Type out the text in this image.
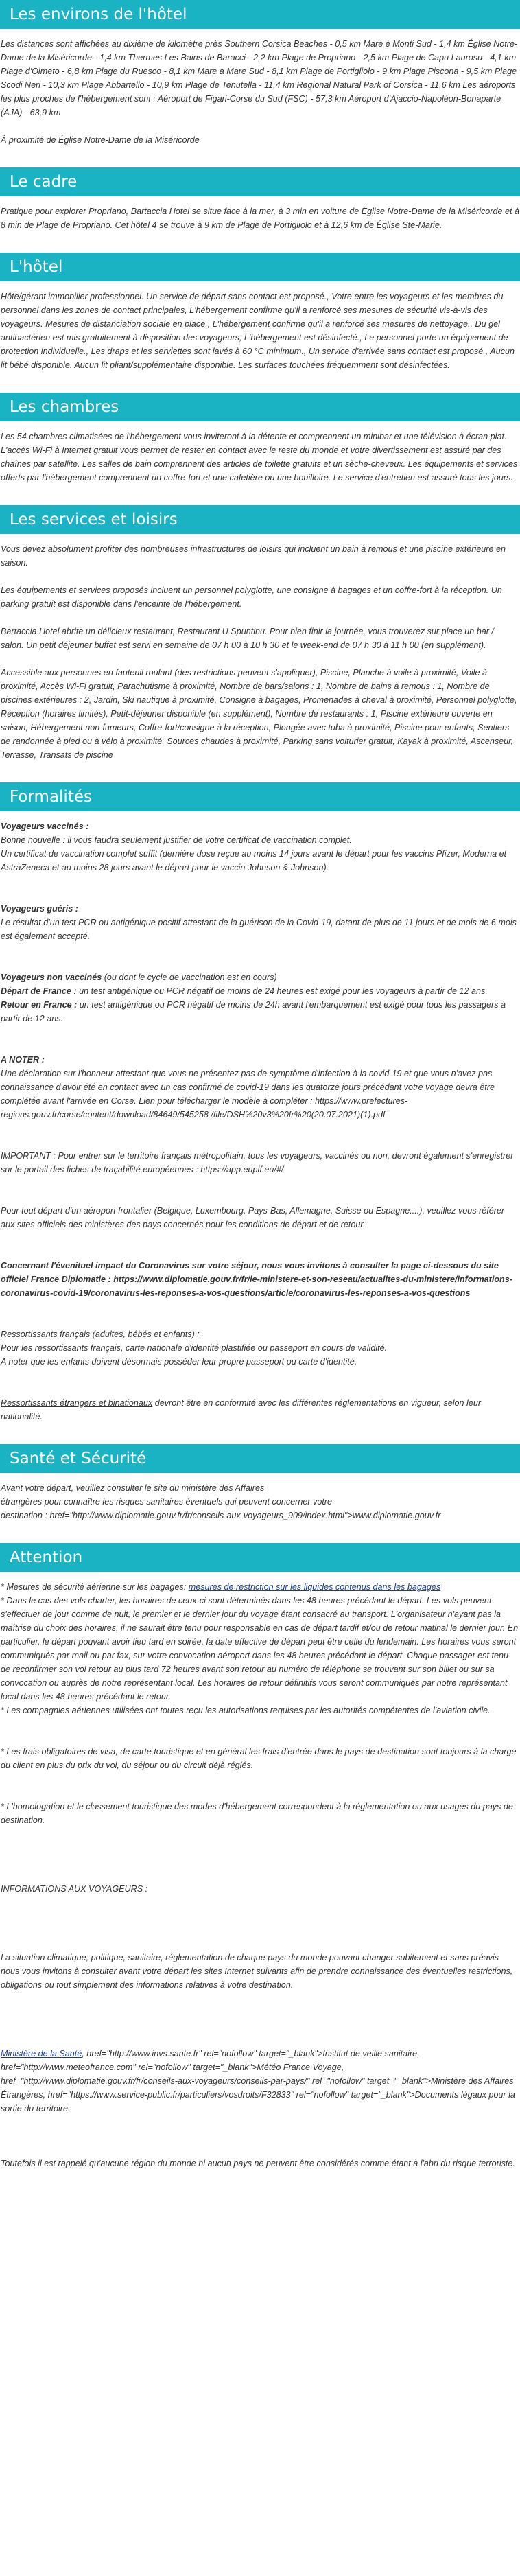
Les environs de l'hôtel

Les distances sont affichées au dixième de kilomètre près Southern Corsica Beaches - 0,5 km Mare è Monti Sud - 1,4 km Église Notre-Dame de la Miséricorde - 1,4 km Thermes Les Bains de Baracci - 2,2 km Plage de Propriano - 2,5 km Plage de Capu Laurosu - 4,1 km Plage d'Olmeto - 6,8 km Plage du Ruesco - 8,1 km Mare a Mare Sud - 8,1 km Plage de Portigliolo - 9 km Plage Piscona - 9,5 km Plage Scodi Neri - 10,3 km Plage Abbartello - 10,9 km Plage de Tenutella - 11,4 km Regional Natural Park of Corsica - 11,6 km Les aéroports les plus proches de l'hébergement sont : Aéroport de Figari-Corse du Sud (FSC) - 57,3 km Aéroport d'Ajaccio-Napoléon-Bonaparte (AJA) - 63,9 km

À proximité de Église Notre-Dame de la Miséricorde

Le cadre

Pratique pour explorer Propriano, Bartaccia Hotel se situe face à la mer, à 3 min en voiture de Église Notre-Dame de la Miséricorde et à 8 min de Plage de Propriano. Cet hôtel 4 se trouve à 9 km de Plage de Portigliolo et à 12,6 km de Église Ste-Marie.

L'hôtel

Hôte/gérant immobilier professionnel. Un service de départ sans contact est proposé., Votre entre les voyageurs et les membres du personnel dans les zones de contact principales, L'hébergement confirme qu'il a renforcé ses mesures de sécurité vis-à-vis des voyageurs. Mesures de distanciation sociale en place., L'hébergement confirme qu'il a renforcé ses mesures de nettoyage., Du gel antibactérien est mis gratuitement à disposition des voyageurs, L'hébergement est désinfecté., Le personnel porte un équipement de protection individuelle., Les draps et les serviettes sont lavés à 60 °C minimum., Un service d'arrivée sans contact est proposé., Aucun lit bébé disponible. Aucun lit pliant/supplémentaire disponible. Les surfaces touchées fréquemment sont désinfectées.

Les chambres

Les 54 chambres climatisées de l'hébergement vous inviteront à la détente et comprennent un minibar et une télévision à écran plat. L'accès Wi-Fi à Internet gratuit vous permet de rester en contact avec le reste du monde et votre divertissement est assuré par des chaînes par satellite. Les salles de bain comprennent des articles de toilette gratuits et un sèche-cheveux. Les équipements et services offerts par l'hébergement comprennent un coffre-fort et une cafetière ou une bouilloire. Le service d'entretien est assuré tous les jours.

Les services et loisirs

Vous devez absolument profiter des nombreuses infrastructures de loisirs qui incluent un bain à remous et une piscine extérieure en saison.

Les équipements et services proposés incluent un personnel polyglotte, une consigne à bagages et un coffre-fort à la réception. Un parking gratuit est disponible dans l'enceinte de l'hébergement.

Bartaccia Hotel abrite un délicieux restaurant, Restaurant U Spuntinu. Pour bien finir la journée, vous trouverez sur place un bar / salon. Un petit déjeuner buffet est servi en semaine de 07 h 00 à 10 h 30 et le week-end de 07 h 30 à 11 h 00 (en supplément).

Accessible aux personnes en fauteuil roulant (des restrictions peuvent s'appliquer), Piscine, Planche à voile à proximité, Voile à proximité, Accès Wi-Fi gratuit, Parachutisme à proximité, Nombre de bars/salons : 1, Nombre de bains à remous : 1, Nombre de piscines extérieures : 2, Jardin, Ski nautique à proximité, Consigne à bagages, Promenades à cheval à proximité, Personnel polyglotte, Réception (horaires limités), Petit-déjeuner disponible (en supplément), Nombre de restaurants : 1, Piscine extérieure ouverte en saison, Hébergement non-fumeurs, Coffre-fort/consigne à la réception, Plongée avec tuba à proximité, Piscine pour enfants, Sentiers de randonnée à pied ou à vélo à proximité, Sources chaudes à proximité, Parking sans voiturier gratuit, Kayak à proximité, Ascenseur, Terrasse, Transats de piscine

Formalités

Voyageurs vaccinés :

Bonne nouvelle : il vous faudra seulement justifier de votre certificat de vaccination complet.

Un certificat de vaccination complet suffit (dernière dose reçue au moins 14 jours avant le départ pour les vaccins Pfizer, Moderna et AstraZeneca et au moins 28 jours avant le départ pour le vaccin Johnson & Johnson).

Voyageurs guéris :

Le résultat d'un test PCR ou antigénique positif attestant de la guérison de la Covid-19, datant de plus de 11 jours et de mois de 6 mois est également accepté.

Voyageurs non vaccinés (ou dont le cycle de vaccination est en cours)

Départ de France : un test antigénique ou PCR négatif de moins de 24 heures est exigé pour les voyageurs à partir de 12 ans.

Retour en France : un test antigénique ou PCR négatif de moins de 24h avant l'embarquement est exigé pour tous les passagers à partir de 12 ans.

A NOTER :

Une déclaration sur l'honneur attestant que vous ne présentez pas de symptôme d'infection à la covid-19 et que vous n'avez pas connaissance d'avoir été en contact avec un cas confirmé de covid-19 dans les quatorze jours précédant votre voyage devra être complétée avant l'arrivée en Corse. Lien pour télécharger le modèle à compléter : https://www.prefectures-regions.gouv.fr/corse/content/download/84649/545258 /file/DSH%20v3%20fr%20(20.07.2021)(1).pdf

IMPORTANT : Pour entrer sur le territoire français métropolitain, tous les voyageurs, vaccinés ou non, devront également s'enregistrer sur le portail des fiches de traçabilité européennes : https://app.euplf.eu/#/

Pour tout départ d'un aéroport frontalier (Belgique, Luxembourg, Pays-Bas, Allemagne, Suisse ou Espagne....), veuillez vous référer aux sites officiels des ministères des pays concernés pour les conditions de départ et de retour.

Concernant l'évenituel impact du Coronavirus sur votre séjour, nous vous invitons à consulter la page ci-dessous du site officiel France Diplomatie : https://www.diplomatie.gouv.fr/fr/le-ministere-et-son-reseau/actualites-du-ministere/informations-coronavirus-covid-19/coronavirus-les-reponses-a-vos-questions/article/coronavirus-les-reponses-a-vos-questions

Ressortissants français (adultes, bébés et enfants) :

Pour les ressortissants français, carte nationale d'identité plastifiée ou passeport en cours de validité.

A noter que les enfants doivent désormais posséder leur propre passeport ou carte d'identité.

Ressortissants étrangers et binationaux devront être en conformité avec les différentes réglementations en vigueur, selon leur nationalité.

Santé et Sécurité

Avant votre départ, veuillez consulter le site du ministère des Affaires

étrangères pour connaître les risques sanitaires éventuels qui peuvent concerner votre

destination : href="http://www.diplomatie.gouv.fr/fr/conseils-aux-voyageurs_909/index.html">www.diplomatie.gouv.fr

Attention

* Mesures de sécurité aérienne sur les bagages: mesures de restriction sur les liquides contenus dans les bagages

* Dans le cas des vols charter, les horaires de ceux-ci sont déterminés dans les 48 heures précédant le départ. Les vols peuvent s'effectuer de jour comme de nuit, le premier et le dernier jour du voyage étant consacré au transport. L'organisateur n'ayant pas la maîtrise du choix des horaires, il ne saurait être tenu pour responsable en cas de départ tardif et/ou de retour matinal le dernier jour. En particulier, le départ pouvant avoir lieu tard en soirée, la date effective de départ peut être celle du lendemain. Les horaires vous seront communiqués par mail ou par fax, sur votre convocation aéroport dans les 48 heures précédant le départ. Chaque passager est tenu de reconfirmer son vol retour au plus tard 72 heures avant son retour au numéro de téléphone se trouvant sur son billet ou sur sa convocation ou auprès de notre représentant local. Les horaires de retour définitifs vous seront communiqués par notre représentant local dans les 48 heures précédant le retour.

* Les compagnies aériennes utilisées ont toutes reçu les autorisations requises par les autorités compétentes de l'aviation civile.

* Les frais obligatoires de visa, de carte touristique et en général les frais d'entrée dans le pays de destination sont toujours à la charge du client en plus du prix du vol, du séjour ou du circuit déjà réglés.

* L'homologation et le classement touristique des modes d'hébergement correspondent à la réglementation ou aux usages du pays de destination.

INFORMATIONS AUX VOYAGEURS :

La situation climatique, politique, sanitaire, réglementation de chaque pays du monde pouvant changer subitement et sans préavis

nous vous invitons à consulter avant votre départ les sites Internet suivants afin de prendre connaissance des éventuelles restrictions, obligations ou tout simplement des informations relatives à votre destination.

Ministère de la Santé, href="http://www.invs.sante.fr" rel="nofollow" target="_blank">Institut de veille sanitaire, href="http://www.meteofrance.com" rel="nofollow" target="_blank">Météo France Voyage, href="http://www.diplomatie.gouv.fr/fr/conseils-aux-voyageurs/conseils-par-pays/" rel="nofollow" target="_blank">Ministère des Affaires Étrangères, href="https://www.service-public.fr/particuliers/vosdroits/F32833" rel="nofollow" target="_blank">Documents légaux pour la sortie du territoire.

Toutefois il est rappelé qu'aucune région du monde ni aucun pays ne peuvent être considérés comme étant à l'abri du risque terroriste.
